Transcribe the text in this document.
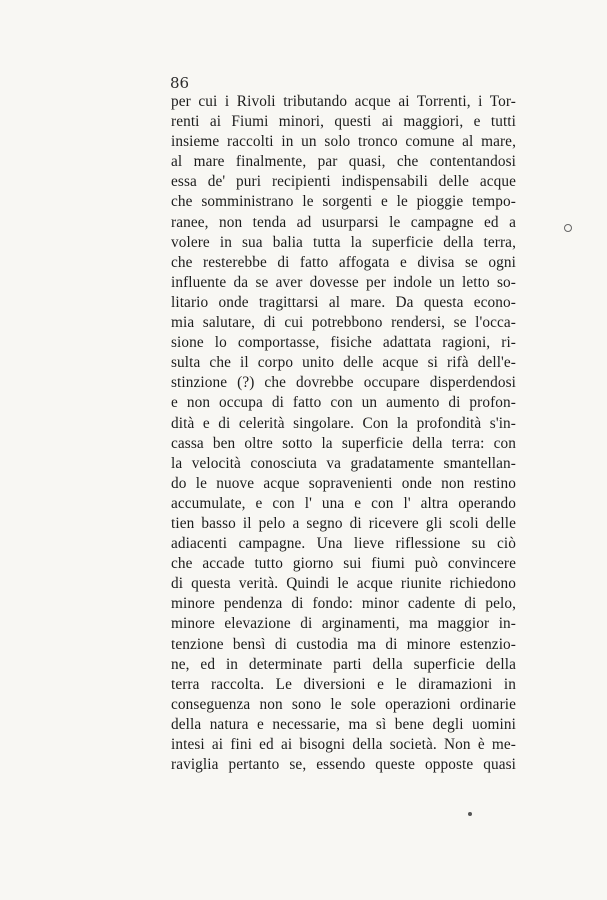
86
per cui i Rivoli tributando acque ai Torrenti, i Tor-
renti ai Fiumi minori, questi ai maggiori, e tutti
insieme raccolti in un solo tronco comune al mare,
al mare finalmente, par quasi, che contentandosi
essa de' puri recipienti indispensabili delle acque
che somministrano le sorgenti e le pioggie tempo-
ranee, non tenda ad usurparsi le campagne ed a
volere in sua balia tutta la superficie della terra,
che resterebbe di fatto affogata e divisa se ogni
influente da se aver dovesse per indole un letto so-
litario onde tragittarsi al mare. Da questa econo-
mia salutare, di cui potrebbono rendersi, se l'occa-
sione lo comportasse, fisiche adattata ragioni, ri-
sulta che il corpo unito delle acque si rifà dell'e-
stinzione (?) che dovrebbe occupare disperdendosi
e non occupa di fatto con un aumento di profon-
dità e di celerità singolare. Con la profondità s'in-
cassa ben oltre sotto la superficie della terra: con
la velocità conosciuta va gradatamente smantellan-
do le nuove acque sopravenienti onde non restino
accumulate, e con l' una e con l' altra operando
tien basso il pelo a segno di ricevere gli scoli delle
adiacenti campagne. Una lieve riflessione su ciò
che accade tutto giorno sui fiumi può convincere
di questa verità. Quindi le acque riunite richiedono
minore pendenza di fondo: minor cadente di pelo,
minore elevazione di arginamenti, ma maggior in-
tenzione bensì di custodia ma di minore estenzio-
ne, ed in determinate parti della superficie della
terra raccolta. Le diversioni e le diramazioni in
conseguenza non sono le sole operazioni ordinarie
della natura e necessarie, ma sì bene degli uomini
intesi ai fini ed ai bisogni della società. Non è me-
raviglia pertanto se, essendo queste opposte quasi
